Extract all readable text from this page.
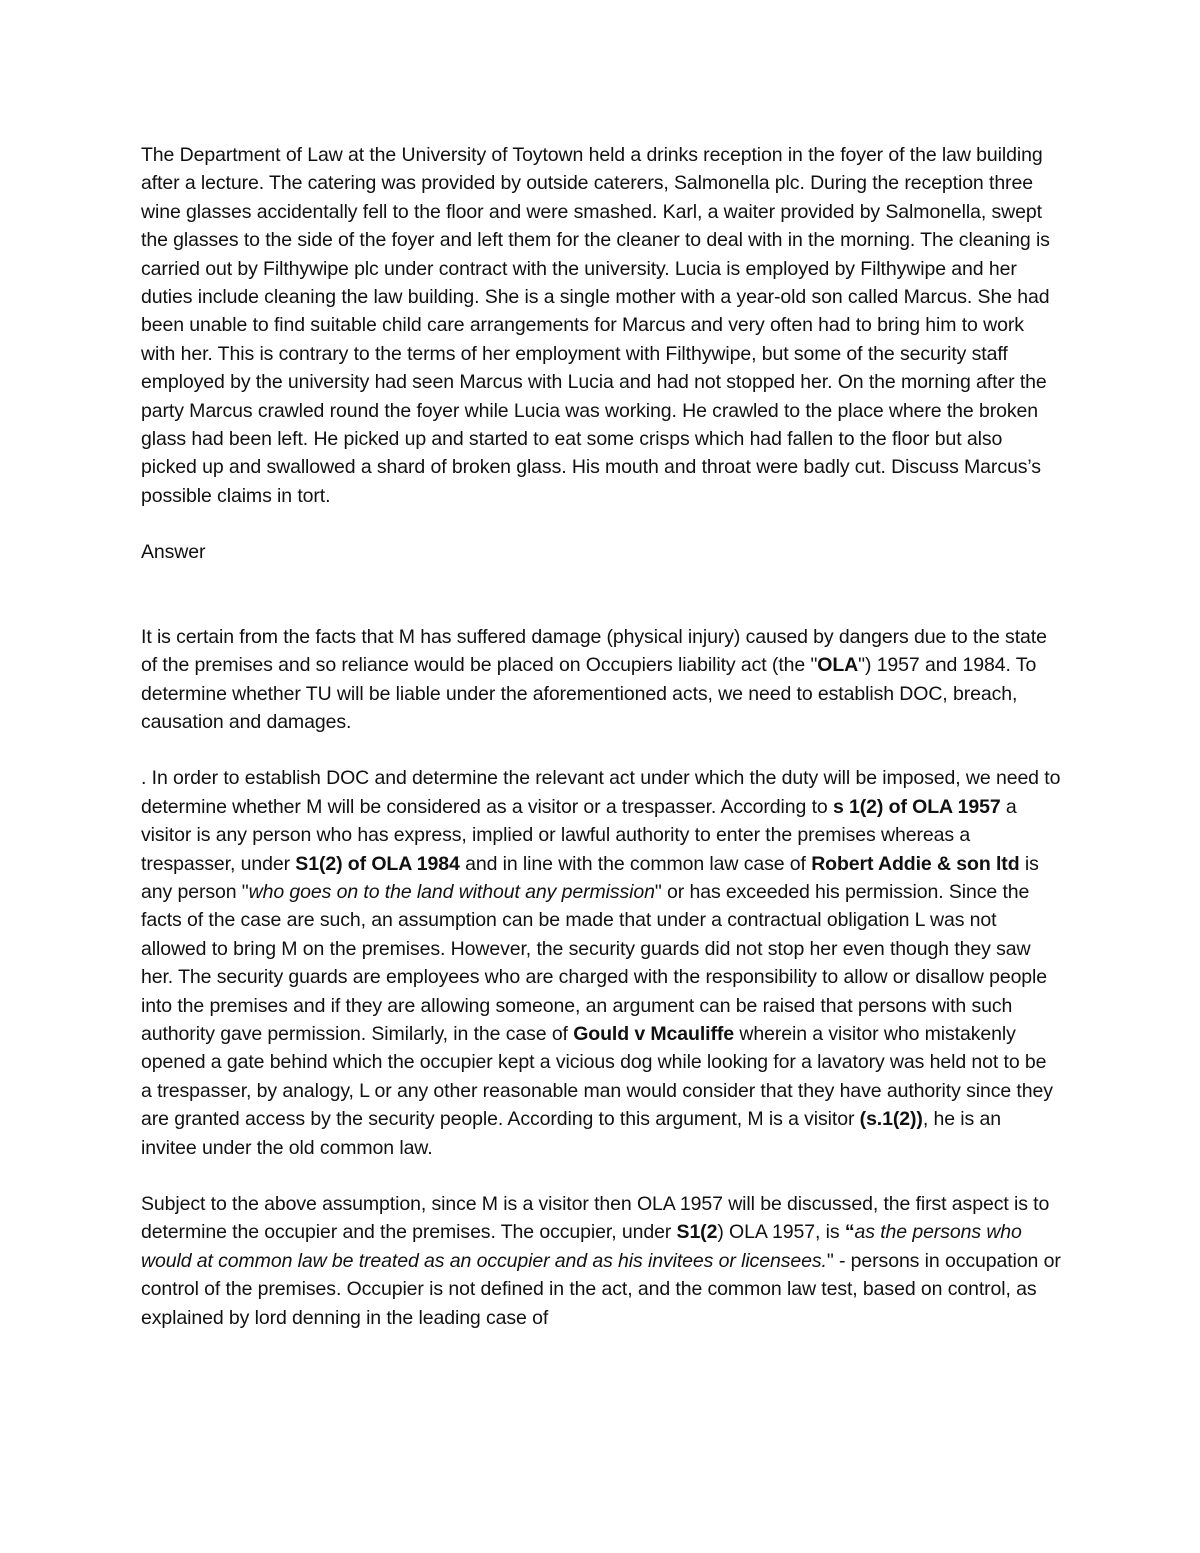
The Department of Law at the University of Toytown held a drinks reception in the foyer of the law building after a lecture. The catering was provided by outside caterers, Salmonella plc. During the reception three wine glasses accidentally fell to the floor and were smashed. Karl, a waiter provided by Salmonella, swept the glasses to the side of the foyer and left them for the cleaner to deal with in the morning. The cleaning is carried out by Filthywipe plc under contract with the university. Lucia is employed by Filthywipe and her duties include cleaning the law building. She is a single mother with a year-old son called Marcus. She had been unable to find suitable child care arrangements for Marcus and very often had to bring him to work with her. This is contrary to the terms of her employment with Filthywipe, but some of the security staff employed by the university had seen Marcus with Lucia and had not stopped her. On the morning after the party Marcus crawled round the foyer while Lucia was working. He crawled to the place where the broken glass had been left. He picked up and started to eat some crisps which had fallen to the floor but also picked up and swallowed a shard of broken glass. His mouth and throat were badly cut. Discuss Marcus’s possible claims in tort.

Answer

It is certain from the facts that M has suffered damage (physical injury) caused by dangers due to the state of the premises and so reliance would be placed on Occupiers liability act (the "OLA") 1957 and 1984. To determine whether TU will be liable under the aforementioned acts, we need to establish DOC, breach, causation and damages.

. In order to establish DOC and determine the relevant act under which the duty will be imposed, we need to determine whether M will be considered as a visitor or a trespasser. According to s 1(2) of OLA 1957 a visitor is any person who has express, implied or lawful authority to enter the premises whereas a trespasser, under S1(2) of OLA 1984 and in line with the common law case of Robert Addie & son ltd is any person "who goes on to the land without any permission" or has exceeded his permission. Since the facts of the case are such, an assumption can be made that under a contractual obligation L was not allowed to bring M on the premises. However, the security guards did not stop her even though they saw her. The security guards are employees who are charged with the responsibility to allow or disallow people into the premises and if they are allowing someone, an argument can be raised that persons with such authority gave permission. Similarly, in the case of Gould v Mcauliffe wherein a visitor who mistakenly opened a gate behind which the occupier kept a vicious dog while looking for a lavatory was held not to be a trespasser, by analogy, L or any other reasonable man would consider that they have authority since they are granted access by the security people. According to this argument, M is a visitor (s.1(2)), he is an invitee under the old common law.

Subject to the above assumption, since M is a visitor then OLA 1957 will be discussed, the first aspect is to determine the occupier and the premises. The occupier, under S1(2) OLA 1957, is “as the persons who would at common law be treated as an occupier and as his invitees or licensees." - persons in occupation or control of the premises. Occupier is not defined in the act, and the common law test, based on control, as explained by lord denning in the leading case of
